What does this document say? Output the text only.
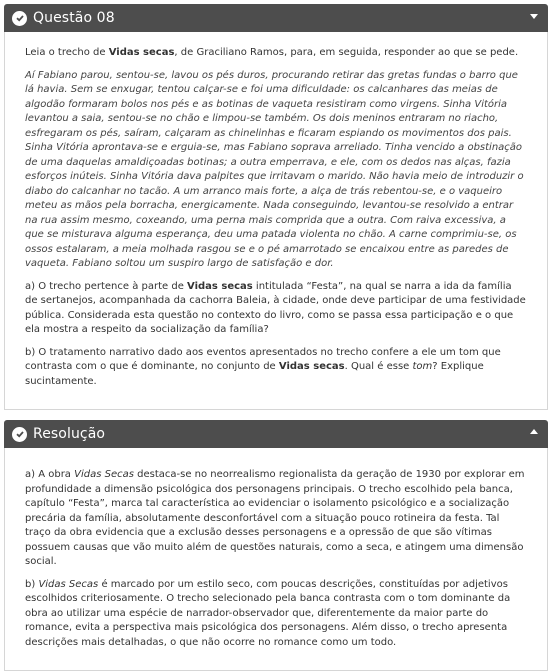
Questão 08

Leia o trecho de Vidas secas, de Graciliano Ramos, para, em seguida, responder ao que se pede.

Aí Fabiano parou, sentou-se, lavou os pés duros, procurando retirar das gretas fundas o barro que lá havia. Sem se enxugar, tentou calçar-se e foi uma dificuldade: os calcanhares das meias de algodão formaram bolos nos pés e as botinas de vaqueta resistiram como virgens. Sinha Vitória levantou a saia, sentou-se no chão e limpou-se também. Os dois meninos entraram no riacho, esfregaram os pés, saíram, calçaram as chinelinhas e ficaram espiando os movimentos dos pais. Sinha Vitória aprontava-se e erguia-se, mas Fabiano soprava arreliado. Tinha vencido a obstinação de uma daquelas amaldiçoadas botinas; a outra emperrava, e ele, com os dedos nas alças, fazia esforços inúteis. Sinha Vitória dava palpites que irritavam o marido. Não havia meio de introduzir o diabo do calcanhar no tacão. A um arranco mais forte, a alça de trás rebentou-se, e o vaqueiro meteu as mãos pela borracha, energicamente. Nada conseguindo, levantou-se resolvido a entrar na rua assim mesmo, coxeando, uma perna mais comprida que a outra. Com raiva excessiva, a que se misturava alguma esperança, deu uma patada violenta no chão. A carne comprimiu-se, os ossos estalaram, a meia molhada rasgou se e o pé amarrotado se encaixou entre as paredes de vaqueta. Fabiano soltou um suspiro largo de satisfação e dor.

a) O trecho pertence à parte de Vidas secas intitulada “Festa”, na qual se narra a ida da família de sertanejos, acompanhada da cachorra Baleia, à cidade, onde deve participar de uma festividade pública. Considerada esta questão no contexto do livro, como se passa essa participação e o que ela mostra a respeito da socialização da família?

b) O tratamento narrativo dado aos eventos apresentados no trecho confere a ele um tom que contrasta com o que é dominante, no conjunto de Vidas secas. Qual é esse tom? Explique sucintamente.

Resolução

a) A obra Vidas Secas destaca-se no neorrealismo regionalista da geração de 1930 por explorar em profundidade a dimensão psicológica dos personagens principais. O trecho escolhido pela banca, capítulo “Festa”, marca tal característica ao evidenciar o isolamento psicológico e a socialização precária da família, absolutamente desconfortável com a situação pouco rotineira da festa. Tal traço da obra evidencia que a exclusão desses personagens e a opressão de que são vítimas possuem causas que vão muito além de questões naturais, como a seca, e atingem uma dimensão social.

b) Vidas Secas é marcado por um estilo seco, com poucas descrições, constituídas por adjetivos escolhidos criteriosamente. O trecho selecionado pela banca contrasta com o tom dominante da obra ao utilizar uma espécie de narrador-observador que, diferentemente da maior parte do romance, evita a perspectiva mais psicológica dos personagens. Além disso, o trecho apresenta descrições mais detalhadas, o que não ocorre no romance como um todo.
